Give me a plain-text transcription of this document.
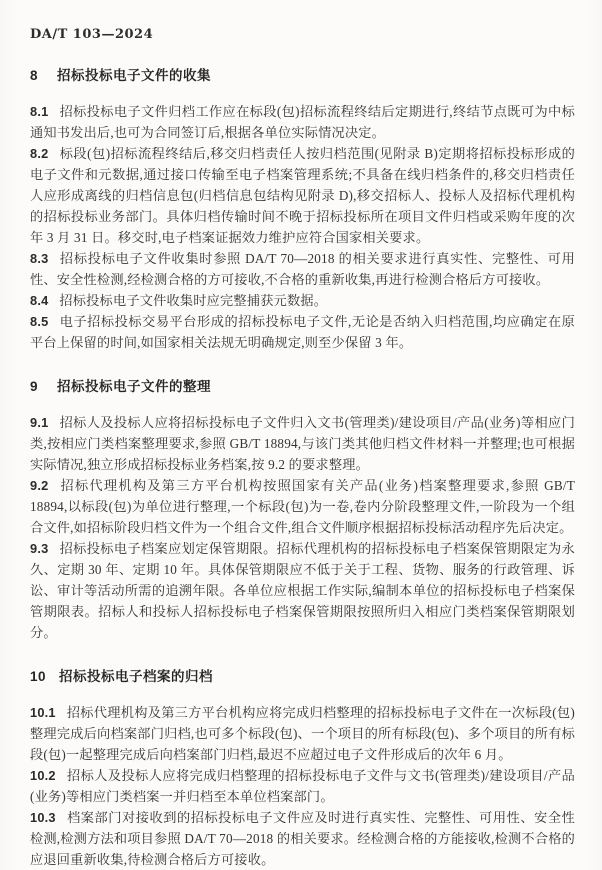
DA/T 103—2024
8 招标投标电子文件的收集

8.1 招标投标电子文件归档工作应在标段(包)招标流程终结后定期进行,终结节点既可为中标通知书发出后,也可为合同签订后,根据各单位实际情况决定。

8.2 标段(包)招标流程终结后,移交归档责任人按归档范围(见附录 B)定期将招标投标形成的电子文件和元数据,通过接口传输至电子档案管理系统;不具备在线归档条件的,移交归档责任人应形成离线的归档信息包(归档信息包结构见附录 D),移交招标人、投标人及招标代理机构的招标投标业务部门。具体归档传输时间不晚于招标投标所在项目文件归档或采购年度的次年 3 月 31 日。移交时,电子档案证据效力维护应符合国家相关要求。

8.3 招标投标电子文件收集时参照 DA/T 70—2018 的相关要求进行真实性、完整性、可用性、安全性检测,经检测合格的方可接收,不合格的重新收集,再进行检测合格后方可接收。

8.4 招标投标电子文件收集时应完整捕获元数据。

8.5 电子招标投标交易平台形成的招标投标电子文件,无论是否纳入归档范围,均应确定在原平台上保留的时间,如国家相关法规无明确规定,则至少保留 3 年。

9 招标投标电子文件的整理

9.1 招标人及投标人应将招标投标电子文件归入文书(管理类)/建设项目/产品(业务)等相应门类,按相应门类档案整理要求,参照 GB/T 18894,与该门类其他归档文件材料一并整理;也可根据实际情况,独立形成招标投标业务档案,按 9.2 的要求整理。

9.2 招标代理机构及第三方平台机构按照国家有关产品(业务)档案整理要求,参照 GB/T 18894,以标段(包)为单位进行整理,一个标段(包)为一卷,卷内分阶段整理文件,一阶段为一个组合文件,如招标阶段归档文件为一个组合文件,组合文件顺序根据招标投标活动程序先后决定。

9.3 招标投标电子档案应划定保管期限。招标代理机构的招标投标电子档案保管期限定为永久、定期 30 年、定期 10 年。具体保管期限应不低于关于工程、货物、服务的行政管理、诉讼、审计等活动所需的追溯年限。各单位应根据工作实际,编制本单位的招标投标电子档案保管期限表。招标人和投标人招标投标电子档案保管期限按照所归入相应门类档案保管期限划分。

10 招标投标电子档案的归档

10.1 招标代理机构及第三方平台机构应将完成归档整理的招标投标电子文件在一次标段(包)整理完成后向档案部门归档,也可多个标段(包)、一个项目的所有标段(包)、多个项目的所有标段(包)一起整理完成后向档案部门归档,最迟不应超过电子文件形成后的次年 6 月。

10.2 招标人及投标人应将完成归档整理的招标投标电子文件与文书(管理类)/建设项目/产品(业务)等相应门类档案一并归档至本单位档案部门。

10.3 档案部门对接收到的招标投标电子文件应及时进行真实性、完整性、可用性、安全性检测,检测方法和项目参照 DA/T 70—2018 的相关要求。经检测合格的方能接收,检测不合格的应退回重新收集,待检测合格后方可接收。
